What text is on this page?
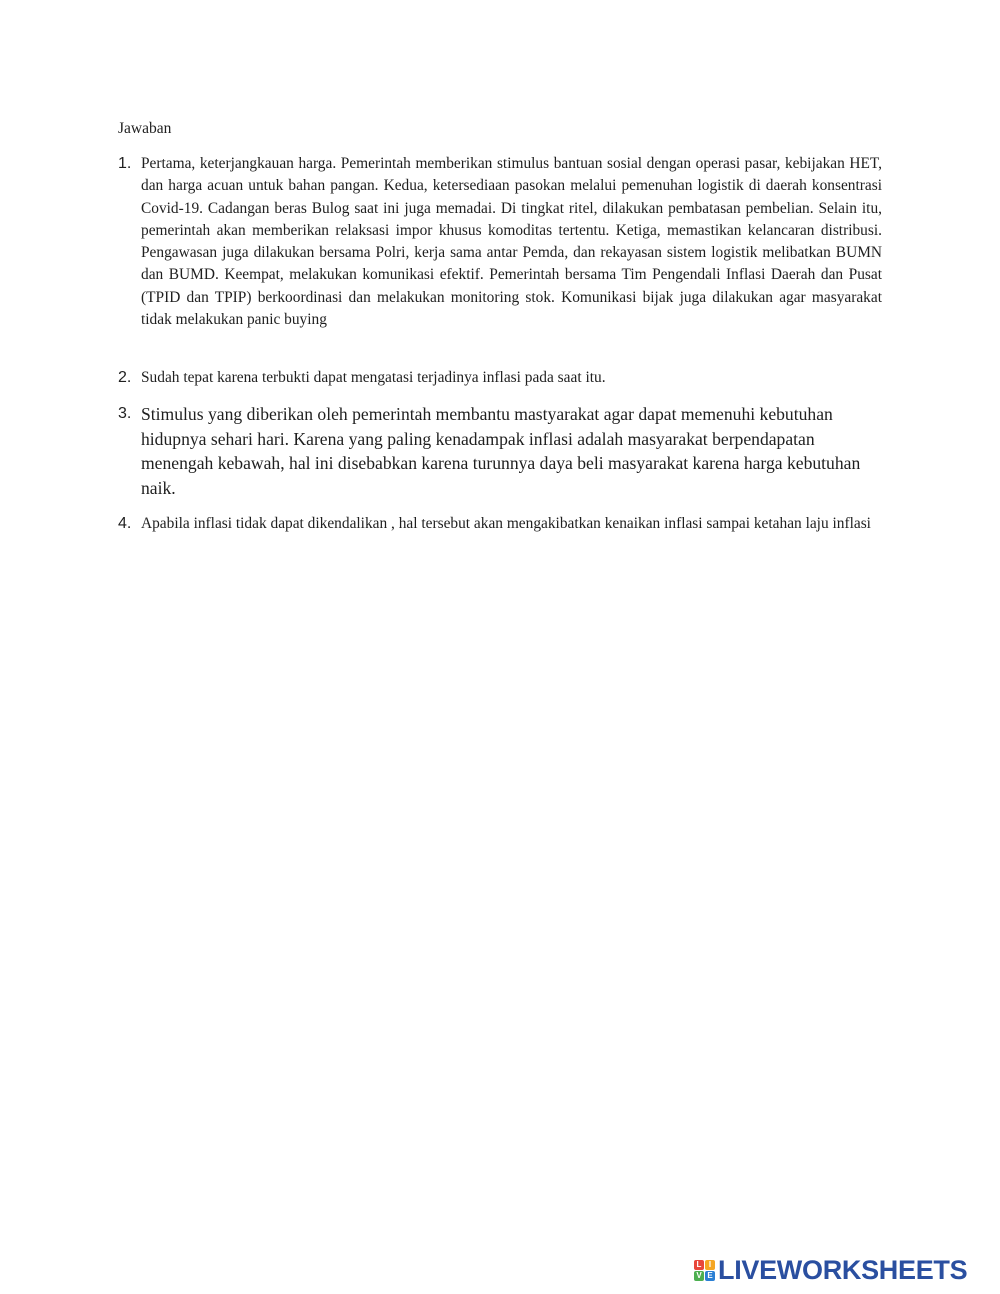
Jawaban
1. Pertama, keterjangkauan harga. Pemerintah memberikan stimulus bantuan sosial dengan operasi pasar, kebijakan HET, dan harga acuan untuk bahan pangan. Kedua, ketersediaan pasokan melalui pemenuhan logistik di daerah konsentrasi Covid-19. Cadangan beras Bulog saat ini juga memadai. Di tingkat ritel, dilakukan pembatasan pembelian. Selain itu, pemerintah akan memberikan relaksasi impor khusus komoditas tertentu. Ketiga, memastikan kelancaran distribusi. Pengawasan juga dilakukan bersama Polri, kerja sama antar Pemda, dan rekayasan sistem logistik melibatkan BUMN dan BUMD. Keempat, melakukan komunikasi efektif. Pemerintah bersama Tim Pengendali Inflasi Daerah dan Pusat (TPID dan TPIP) berkoordinasi dan melakukan monitoring stok. Komunikasi bijak juga dilakukan agar masyarakat tidak melakukan panic buying
2. Sudah tepat karena terbukti dapat mengatasi terjadinya inflasi pada saat itu.
3. Stimulus yang diberikan oleh pemerintah membantu mastyarakat agar dapat memenuhi kebutuhan hidupnya sehari hari. Karena yang paling kenadampak inflasi adalah masyarakat berpendapatan menengah kebawah, hal ini disebabkan karena turunnya daya beli masyarakat karena harga kebutuhan naik.
4. Apabila inflasi tidak dapat dikendalikan , hal tersebut akan mengakibatkan kenaikan inflasi sampai ketahan laju inflasi
L I
V E LIVEWORKSHEETS
